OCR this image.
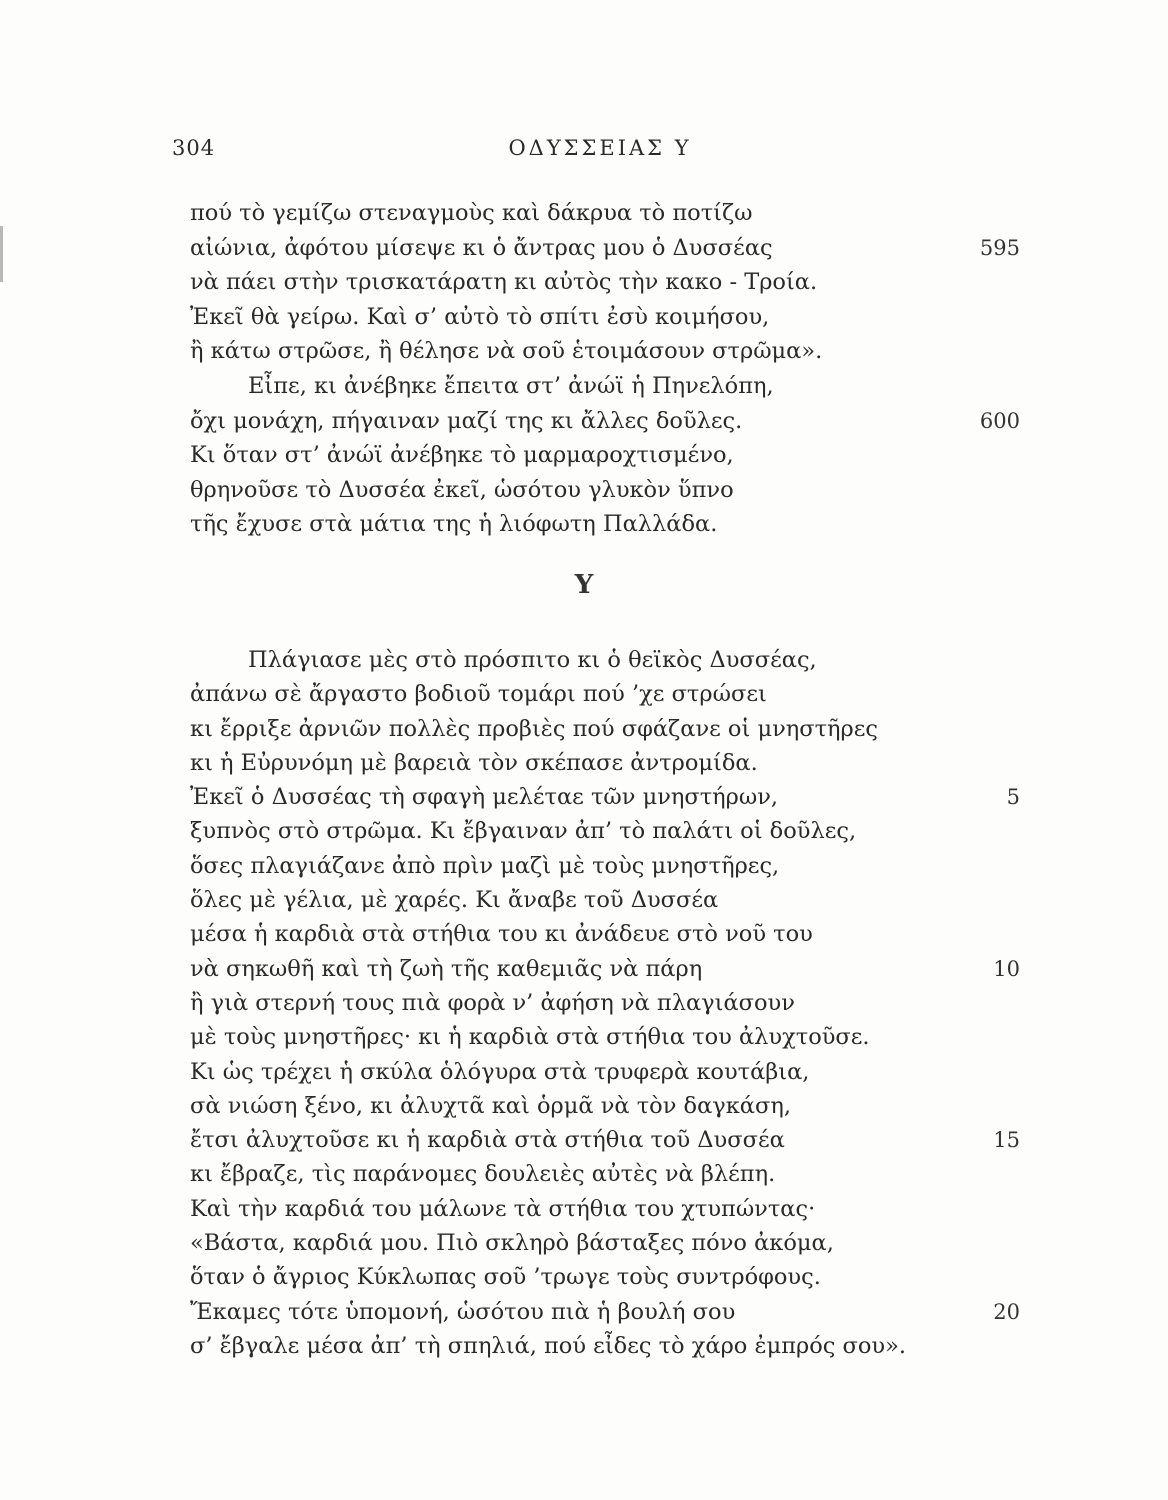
304	ΟΔΥΣΣΕΙΑΣ Υ
πού τὸ γεμίζω στεναγμοὺς καὶ δάκρυα τὸ ποτίζω
αἰώνια, ἀφότου μίσεψε κι ὁ ἄντρας μου ὁ Δυσσέας	595
νὰ πάει στὴν τρισκατάρατη κι αὐτὸς τὴν κακο - Τροία.
Ἐκεῖ θὰ γείρω. Καὶ σ’ αὐτὸ τὸ σπίτι ἐσὺ κοιμήσου,
ἢ κάτω στρῶσε, ἢ θέλησε νὰ σοῦ ἑτοιμάσουν στρῶμα».
Εἶπε, κι ἀνέβηκε ἔπειτα στ’ ἀνώϊ ἡ Πηνελόπη,
ὄχι μονάχη, πήγαιναν μαζί της κι ἄλλες δοῦλες.	600
Κι ὅταν στ’ ἀνώϊ ἀνέβηκε τὸ μαρμαροχτισμένο,
θρηνοῦσε τὸ Δυσσέα ἐκεῖ, ὡσότου γλυκὸν ὕπνο
τῆς ἔχυσε στὰ μάτια της ἡ λιόφωτη Παλλάδα.
Υ
Πλάγιασε μὲς στὸ πρόσπιτο κι ὁ θεϊκὸς Δυσσέας,
ἀπάνω σὲ ἄργαστο βοδιοῦ τομάρι πού ’χε στρώσει
κι ἔρριξε ἀρνιῶν πολλὲς προβιὲς πού σφάζανε οἱ μνηστῆρες
κι ἡ Εὐρυνόμη μὲ βαρειὰ τὸν σκέπασε ἀντρομίδα.
Ἐκεῖ ὁ Δυσσέας τὴ σφαγὴ μελέταε τῶν μνηστήρων,	5
ξυπνὸς στὸ στρῶμα. Κι ἔβγαιναν ἀπ’ τὸ παλάτι οἱ δοῦλες,
ὅσες πλαγιάζανε ἀπὸ πρὶν μαζὶ μὲ τοὺς μνηστῆρες,
ὅλες μὲ γέλια, μὲ χαρές. Κι ἄναβε τοῦ Δυσσέα
μέσα ἡ καρδιὰ στὰ στήθια του κι ἀνάδευε στὸ νοῦ του
νὰ σηκωθῆ καὶ τὴ ζωὴ τῆς καθεμιᾶς νὰ πάρη	10
ἢ γιὰ στερνή τους πιὰ φορὰ ν’ ἀφήση νὰ πλαγιάσουν
μὲ τοὺς μνηστῆρες· κι ἡ καρδιὰ στὰ στήθια του ἀλυχτοῦσε.
Κι ὡς τρέχει ἡ σκύλα ὁλόγυρα στὰ τρυφερὰ κουτάβια,
σὰ νιώση ξένο, κι ἀλυχτᾶ καὶ ὁρμᾶ νὰ τὸν δαγκάση,
ἔτσι ἀλυχτοῦσε κι ἡ καρδιὰ στὰ στήθια τοῦ Δυσσέα	15
κι ἔβραζε, τὶς παράνομες δουλειὲς αὐτὲς νὰ βλέπη.
Καὶ τὴν καρδιά του μάλωνε τὰ στήθια του χτυπώντας·
«Βάστα, καρδιά μου. Πιὸ σκληρὸ βάσταξες πόνο ἀκόμα,
ὅταν ὁ ἄγριος Κύκλωπας σοῦ ’τρωγε τοὺς συντρόφους.
Ἔκαμες τότε ὑπομονή, ὡσότου πιὰ ἡ βουλή σου	20
σ’ ἔβγαλε μέσα ἀπ’ τὴ σπηλιά, πού εἶδες τὸ χάρο ἐμπρός σου».
